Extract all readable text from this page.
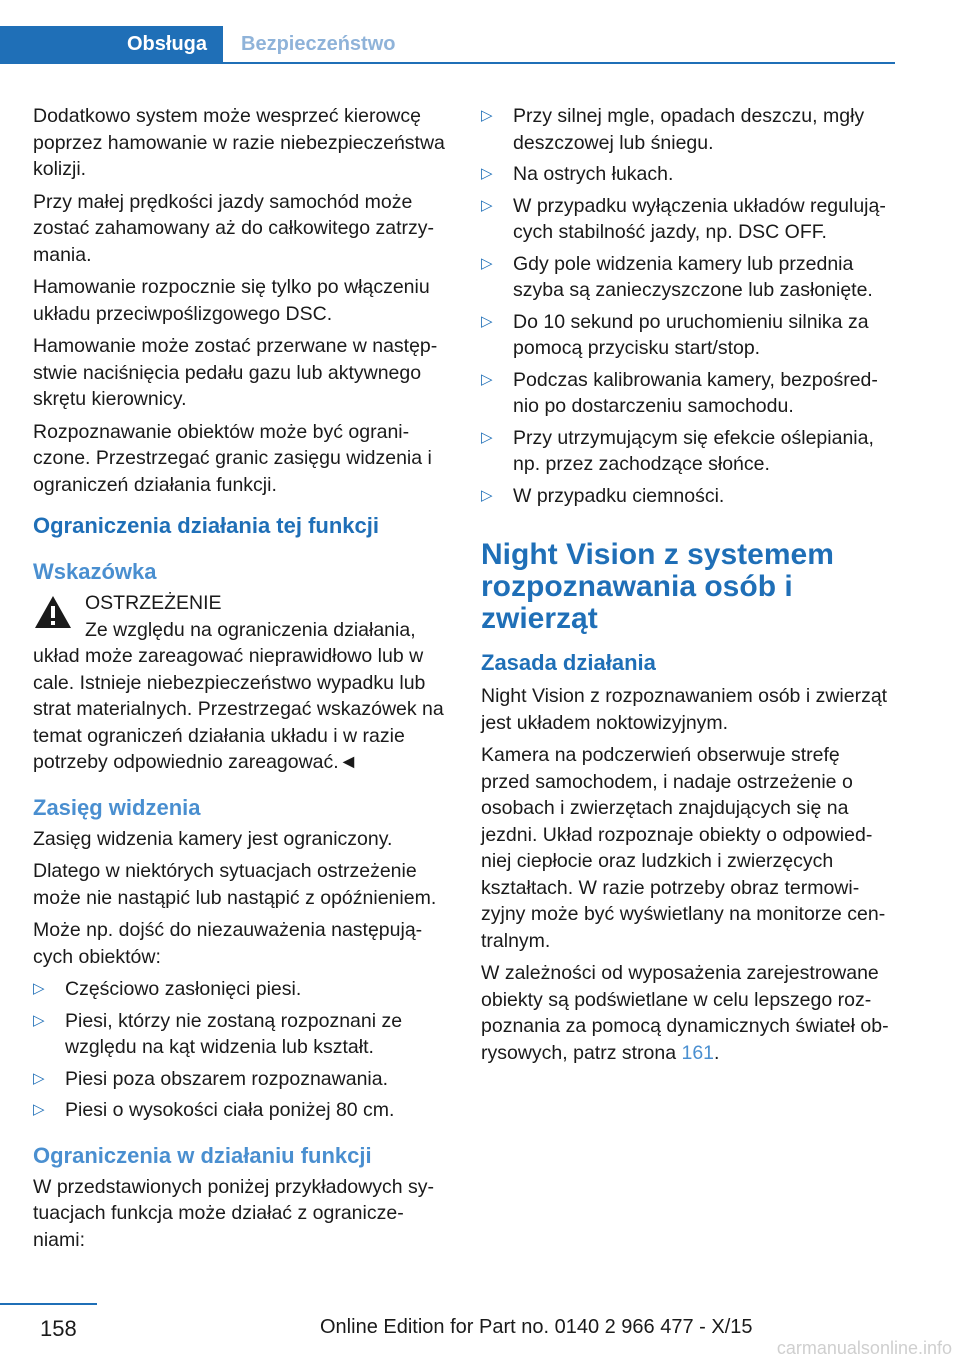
Obsługa	Bezpieczeństwo

Dodatkowo system może wesprzeć kierowcę poprzez hamowanie w razie niebezpieczeństwa kolizji.

Przy małej prędkości jazdy samochód może zostać zahamowany aż do całkowitego zatrzymania.

Hamowanie rozpocznie się tylko po włączeniu układu przeciwpoślizgowego DSC.

Hamowanie może zostać przerwane w następstwie naciśnięcia pedału gazu lub aktywnego skrętu kierownicy.

Rozpoznawanie obiektów może być ograniczone. Przestrzegać granic zasięgu widzenia i ograniczeń działania funkcji.

Ograniczenia działania tej funkcji
Wskazówka
OSTRZEŻENIE
Ze względu na ograniczenia działania, układ może zareagować nieprawidłowo lub w cale. Istnieje niebezpieczeństwo wypadku lub strat materialnych. Przestrzegać wskazówek na temat ograniczeń działania układu i w razie potrzeby odpowiednio zareagować.◄
Zasięg widzenia

Zasięg widzenia kamery jest ograniczony.

Dlatego w niektórych sytuacjach ostrzeżenie może nie nastąpić lub nastąpić z opóźnieniem.

Może np. dojść do niezauważenia następujących obiektów:

▷ Częściowo zasłonięci piesi.
▷ Piesi, którzy nie zostaną rozpoznani ze względu na kąt widzenia lub kształt.
▷ Piesi poza obszarem rozpoznawania.
▷ Piesi o wysokości ciała poniżej 80 cm.
Ograniczenia w działaniu funkcji

W przedstawionych poniżej przykładowych sytuacjach funkcja może działać z ograniczeniami:

▷ Przy silnej mgle, opadach deszczu, mgły deszczowej lub śniegu.
▷ Na ostrych łukach.
▷ W przypadku wyłączenia układów regulujących stabilność jazdy, np. DSC OFF.
▷ Gdy pole widzenia kamery lub przednia szyba są zanieczyszczone lub zasłonięte.
▷ Do 10 sekund po uruchomieniu silnika za pomocą przycisku start/stop.
▷ Podczas kalibrowania kamery, bezpośrednio po dostarczeniu samochodu.
▷ Przy utrzymującym się efekcie oślepiania, np. przez zachodzące słońce.
▷ W przypadku ciemności.
Night Vision z systemem rozpoznawania osób i zwierząt
Zasada działania

Night Vision z rozpoznawaniem osób i zwierząt jest układem noktowizyjnym.

Kamera na podczerwień obserwuje strefę przed samochodem, i nadaje ostrzeżenie o osobach i zwierzętach znajdujących się na jezdni. Układ rozpoznaje obiekty o odpowiedniej ciepłocie oraz ludzkich i zwierzęcych kształtach. W razie potrzeby obraz termowizyjny może być wyświetlany na monitorze centralnym.

W zależności od wyposażenia zarejestrowane obiekty są podświetlane w celu lepszego rozpoznania za pomocą dynamicznych świateł obrysowych, patrz strona 161.

158	Online Edition for Part no. 0140 2 966 477 - X/15
carmanualsonline.info
